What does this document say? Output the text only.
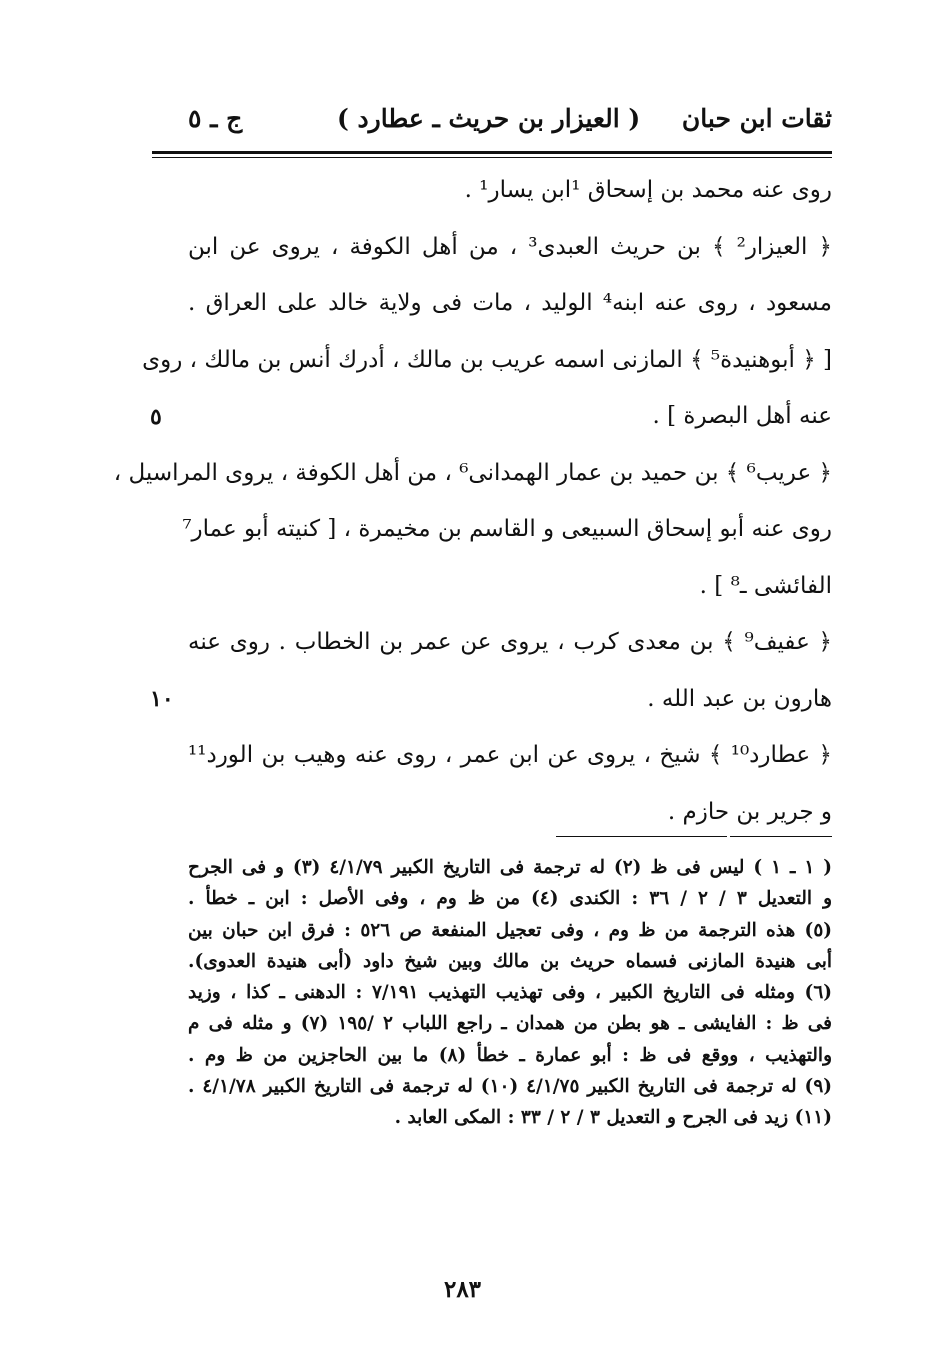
ثقات ابن حبان
( العيزار بن حريث ـ عطارد )
ج ـ ٥
روى عنه محمد بن إسحاق ¹ابن يسار¹ .
﴿ العيزار² ﴾ بن حريث العبدى³ ، من أهل الكوفة ، يروى عن ابن
مسعود ، روى عنه ابنه⁴ الوليد ، مات فى ولاية خالد على العراق .
[ ﴿ أبوهنيدة⁵ ﴾ المازنى اسمه عريب بن مالك ، أدرك أنس بن مالك ، روى
عنه أهل البصرة ] .
﴿ عريب⁶ ﴾ بن حميد بن عمار الهمدانى⁶ ، من أهل الكوفة ، يروى المراسيل ،
روى عنه أبو إسحاق السبيعى و القاسم بن مخيمرة ، [ كنيته أبو عمار⁷
الفائشى ـ⁸ ] .
﴿ عفيف⁹ ﴾ بن معدى كرب ، يروى عن عمر بن الخطاب . روى عنه
هارون بن عبد الله .
﴿ عطارد¹⁰ ﴾ شيخ ، يروى عن ابن عمر ، روى عنه وهيب بن الورد¹¹
و جرير بن حازم .
٥
١٠
( ١ ـ ١ ) ليس فى ظ (٢) له ترجمة فى التاريخ الكبير ٤/١/٧٩ (٣) و فى الجرح
و التعديل ٣ / ٢ / ٣٦ : الكندى (٤) من ظ وم ، وفى الأصل : ابن ـ خطأ .
(٥) هذه الترجمة من ظ وم ، وفى تعجيل المنفعة ص ٥٢٦ : فرق ابن حبان بين
أبى هنيدة المازنى فسماه حريث بن مالك وبين شيخ داود (أبى هنيدة العدوى).
(٦) ومثله فى التاريخ الكبير ، وفى تهذيب التهذيب ٧/١٩١ : الدهنى ـ كذا ، وزيد
فى ظ : الفايشى ـ هو بطن من همدان ـ راجع اللباب ٢ /١٩٥ (٧) و مثله فى م
والتهذيب ، ووقع فى ظ : أبو عمارة ـ خطأ (٨) ما بين الحاجزين من ظ وم .
(٩) له ترجمة فى التاريخ الكبير ٤/١/٧٥ (١٠) له ترجمة فى التاريخ الكبير ٤/١/٧٨ .
(١١) زيد فى الجرح و التعديل ٣ / ٢ / ٣٣ : المكى العابد .
٢٨٣
